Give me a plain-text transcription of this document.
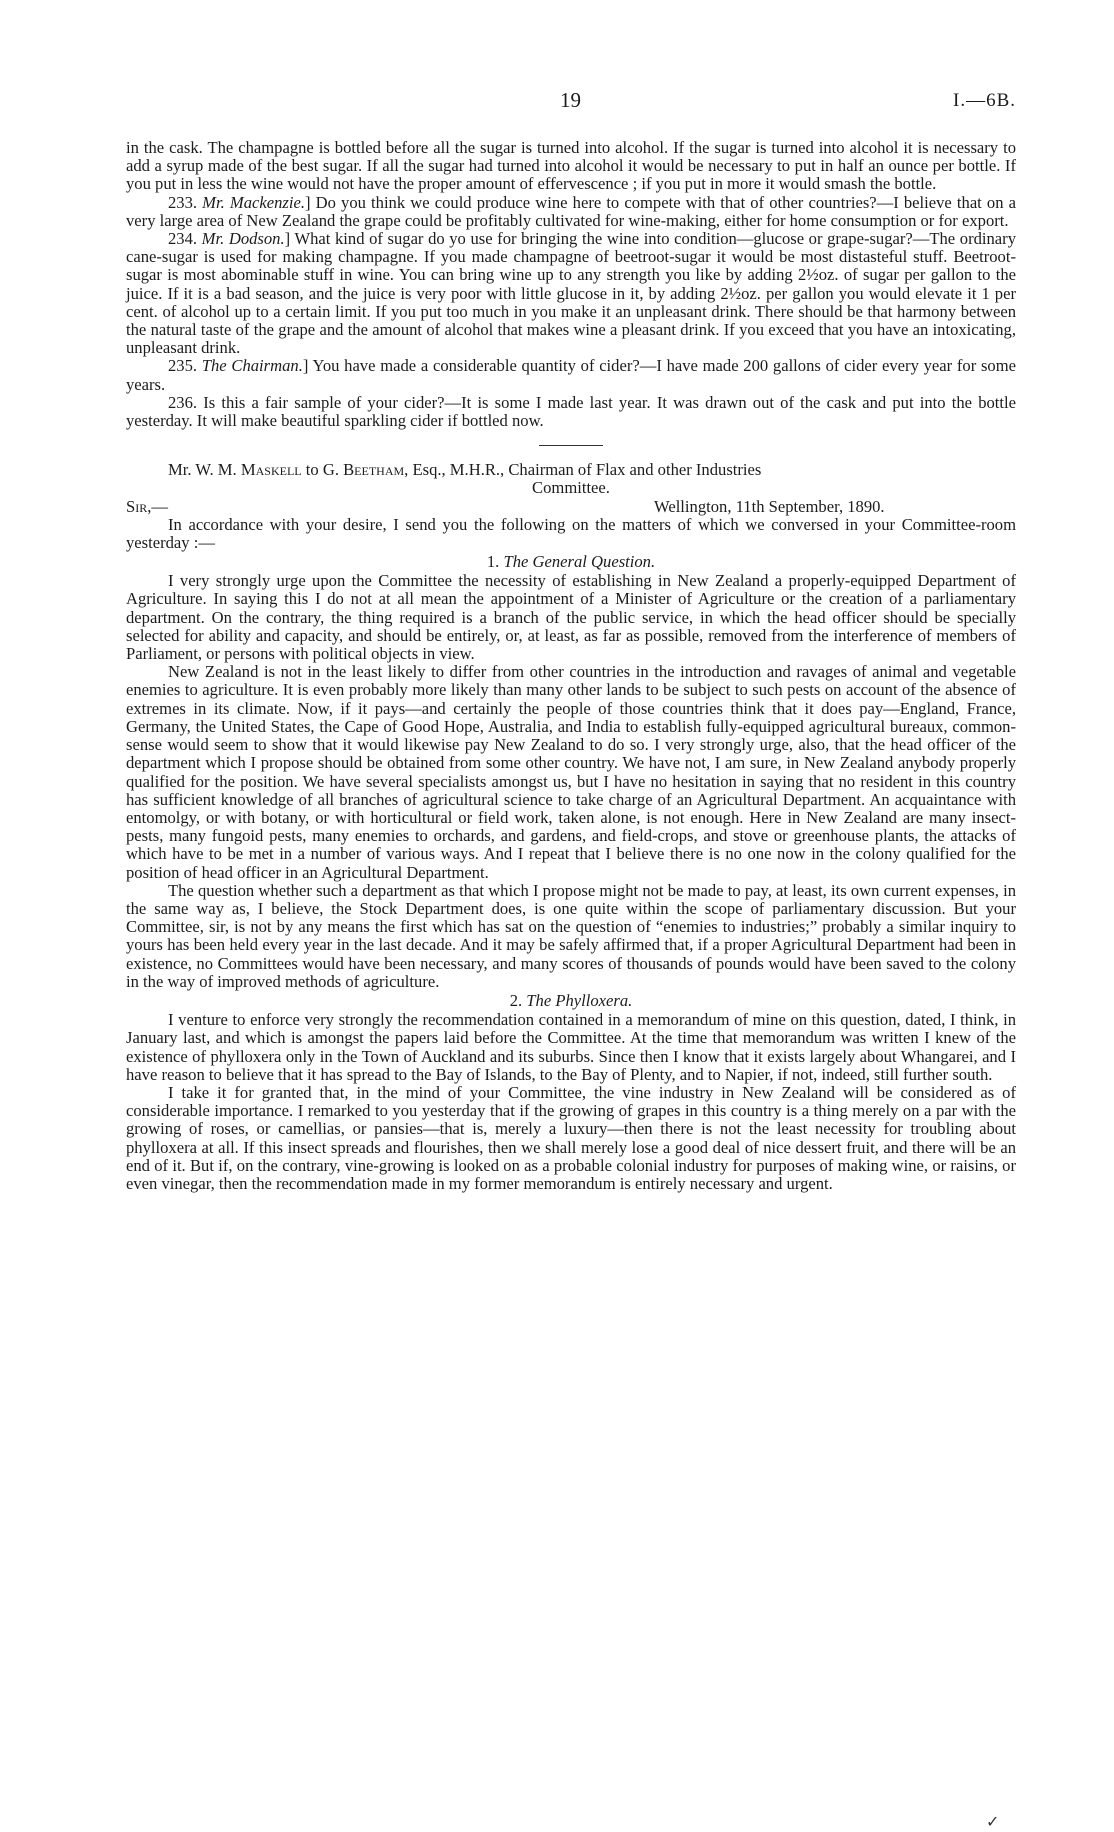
19	I.—6B.

in the cask. The champagne is bottled before all the sugar is turned into alcohol. If the sugar is turned into alcohol it is necessary to add a syrup made of the best sugar. If all the sugar had turned into alcohol it would be necessary to put in half an ounce per bottle. If you put in less the wine would not have the proper amount of effervescence ; if you put in more it would smash the bottle.

233. Mr. Mackenzie.] Do you think we could produce wine here to compete with that of other countries?—I believe that on a very large area of New Zealand the grape could be profitably cultivated for wine-making, either for home consumption or for export.

234. Mr. Dodson.] What kind of sugar do yo use for bringing the wine into condition—glucose or grape-sugar?—The ordinary cane-sugar is used for making champagne. If you made champagne of beetroot-sugar it would be most distasteful stuff. Beetroot-sugar is most abominable stuff in wine. You can bring wine up to any strength you like by adding 2½oz. of sugar per gallon to the juice. If it is a bad season, and the juice is very poor with little glucose in it, by adding 2½oz. per gallon you would elevate it 1 per cent. of alcohol up to a certain limit. If you put too much in you make it an unpleasant drink. There should be that harmony between the natural taste of the grape and the amount of alcohol that makes wine a pleasant drink. If you exceed that you have an intoxicating, unpleasant drink.

235. The Chairman.] You have made a considerable quantity of cider?—I have made 200 gallons of cider every year for some years.

236. Is this a fair sample of your cider?—It is some I made last year. It was drawn out of the cask and put into the bottle yesterday. It will make beautiful sparkling cider if bottled now.

Mr. W. M. Maskell to G. Beetham, Esq., M.H.R., Chairman of Flax and other Industries

Committee.

Sir,—	Wellington, 11th September, 1890.

In accordance with your desire, I send you the following on the matters of which we conversed in your Committee-room yesterday :—

1. The General Question.

I very strongly urge upon the Committee the necessity of establishing in New Zealand a properly-equipped Department of Agriculture. In saying this I do not at all mean the appointment of a Minister of Agriculture or the creation of a parliamentary department. On the contrary, the thing required is a branch of the public service, in which the head officer should be specially selected for ability and capacity, and should be entirely, or, at least, as far as possible, removed from the interference of members of Parliament, or persons with political objects in view.

New Zealand is not in the least likely to differ from other countries in the introduction and ravages of animal and vegetable enemies to agriculture. It is even probably more likely than many other lands to be subject to such pests on account of the absence of extremes in its climate. Now, if it pays—and certainly the people of those countries think that it does pay—England, France, Germany, the United States, the Cape of Good Hope, Australia, and India to establish fully-equipped agricultural bureaux, common-sense would seem to show that it would likewise pay New Zealand to do so. I very strongly urge, also, that the head officer of the department which I propose should be obtained from some other country. We have not, I am sure, in New Zealand anybody properly qualified for the position. We have several specialists amongst us, but I have no hesitation in saying that no resident in this country has sufficient knowledge of all branches of agricultural science to take charge of an Agricultural Department. An acquaintance with entomolgy, or with botany, or with horticultural or field work, taken alone, is not enough. Here in New Zealand are many insect-pests, many fungoid pests, many enemies to orchards, and gardens, and field-crops, and stove or greenhouse plants, the attacks of which have to be met in a number of various ways. And I repeat that I believe there is no one now in the colony qualified for the position of head officer in an Agricultural Department.

The question whether such a department as that which I propose might not be made to pay, at least, its own current expenses, in the same way as, I believe, the Stock Department does, is one quite within the scope of parliamentary discussion. But your Committee, sir, is not by any means the first which has sat on the question of “enemies to industries;” probably a similar inquiry to yours has been held every year in the last decade. And it may be safely affirmed that, if a proper Agricultural Department had been in existence, no Committees would have been necessary, and many scores of thousands of pounds would have been saved to the colony in the way of improved methods of agriculture.

2. The Phylloxera.

I venture to enforce very strongly the recommendation contained in a memorandum of mine on this question, dated, I think, in January last, and which is amongst the papers laid before the Committee. At the time that memorandum was written I knew of the existence of phylloxera only in the Town of Auckland and its suburbs. Since then I know that it exists largely about Whangarei, and I have reason to believe that it has spread to the Bay of Islands, to the Bay of Plenty, and to Napier, if not, indeed, still further south.

I take it for granted that, in the mind of your Committee, the vine industry in New Zealand will be considered as of considerable importance. I remarked to you yesterday that if the growing of grapes in this country is a thing merely on a par with the growing of roses, or camellias, or pansies—that is, merely a luxury—then there is not the least necessity for troubling about phylloxera at all. If this insect spreads and flourishes, then we shall merely lose a good deal of nice dessert fruit, and there will be an end of it. But if, on the contrary, vine-growing is looked on as a probable colonial industry for purposes of making wine, or raisins, or even vinegar, then the recommendation made in my former memorandum is entirely necessary and urgent.

✓
